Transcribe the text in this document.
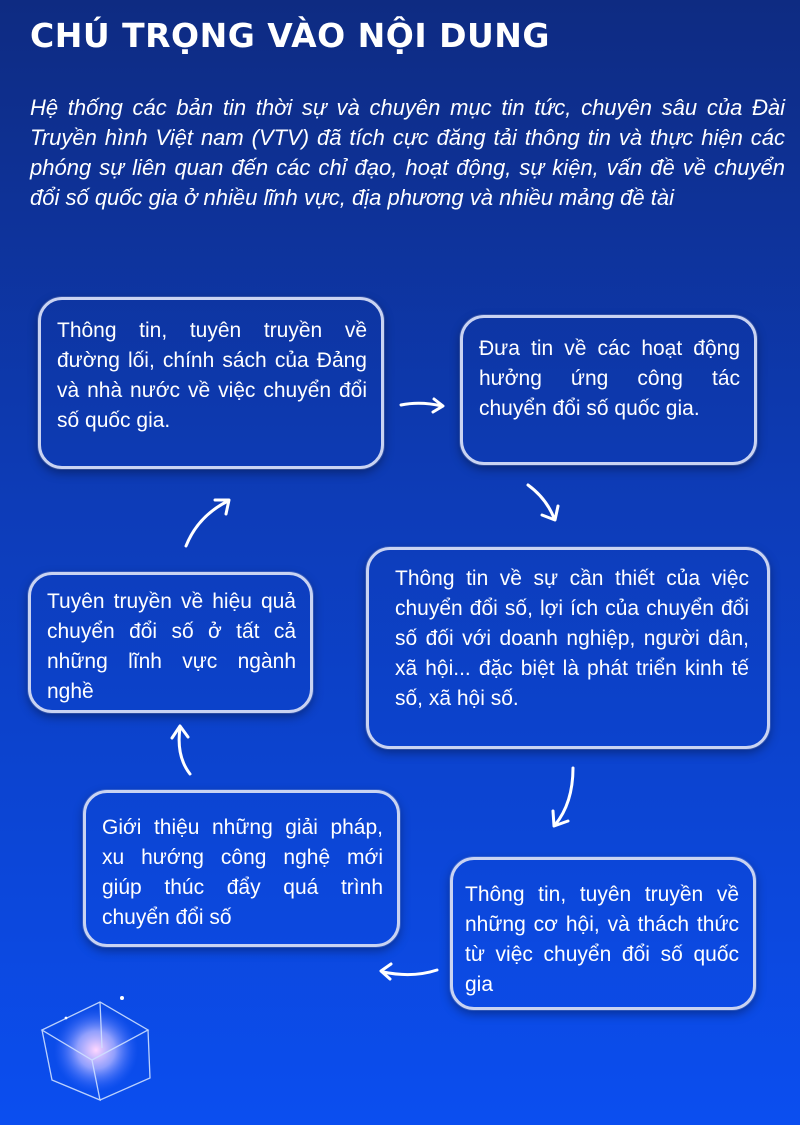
CHÚ TRỌNG VÀO NỘI DUNG

Hệ thống các bản tin thời sự và chuyên mục tin tức, chuyên sâu của Đài Truyền hình Việt nam (VTV) đã tích cực đăng tải thông tin và thực hiện các phóng sự liên quan đến các chỉ đạo, hoạt động, sự kiện, vấn đề về chuyển đổi số quốc gia ở nhiều lĩnh vực, địa phương và nhiều mảng đề tài

Thông tin, tuyên truyền về đường lối, chính sách của Đảng và nhà nước về việc chuyển đổi số quốc gia.
Đưa tin về các hoạt động hưởng ứng công tác chuyển đổi số quốc gia.
Thông tin về sự cần thiết của việc chuyển đổi số, lợi ích của chuyển đổi số đối với doanh nghiệp, người dân, xã hội... đặc biệt là phát triển kinh tế số, xã hội số.
Thông tin, tuyên truyền về những cơ hội, và thách thức từ việc chuyển đổi số quốc gia
Giới thiệu những giải pháp, xu hướng công nghệ mới giúp thúc đẩy quá trình chuyển đổi số
Tuyên truyền về hiệu quả chuyển đổi số ở tất cả những lĩnh vực ngành nghề
